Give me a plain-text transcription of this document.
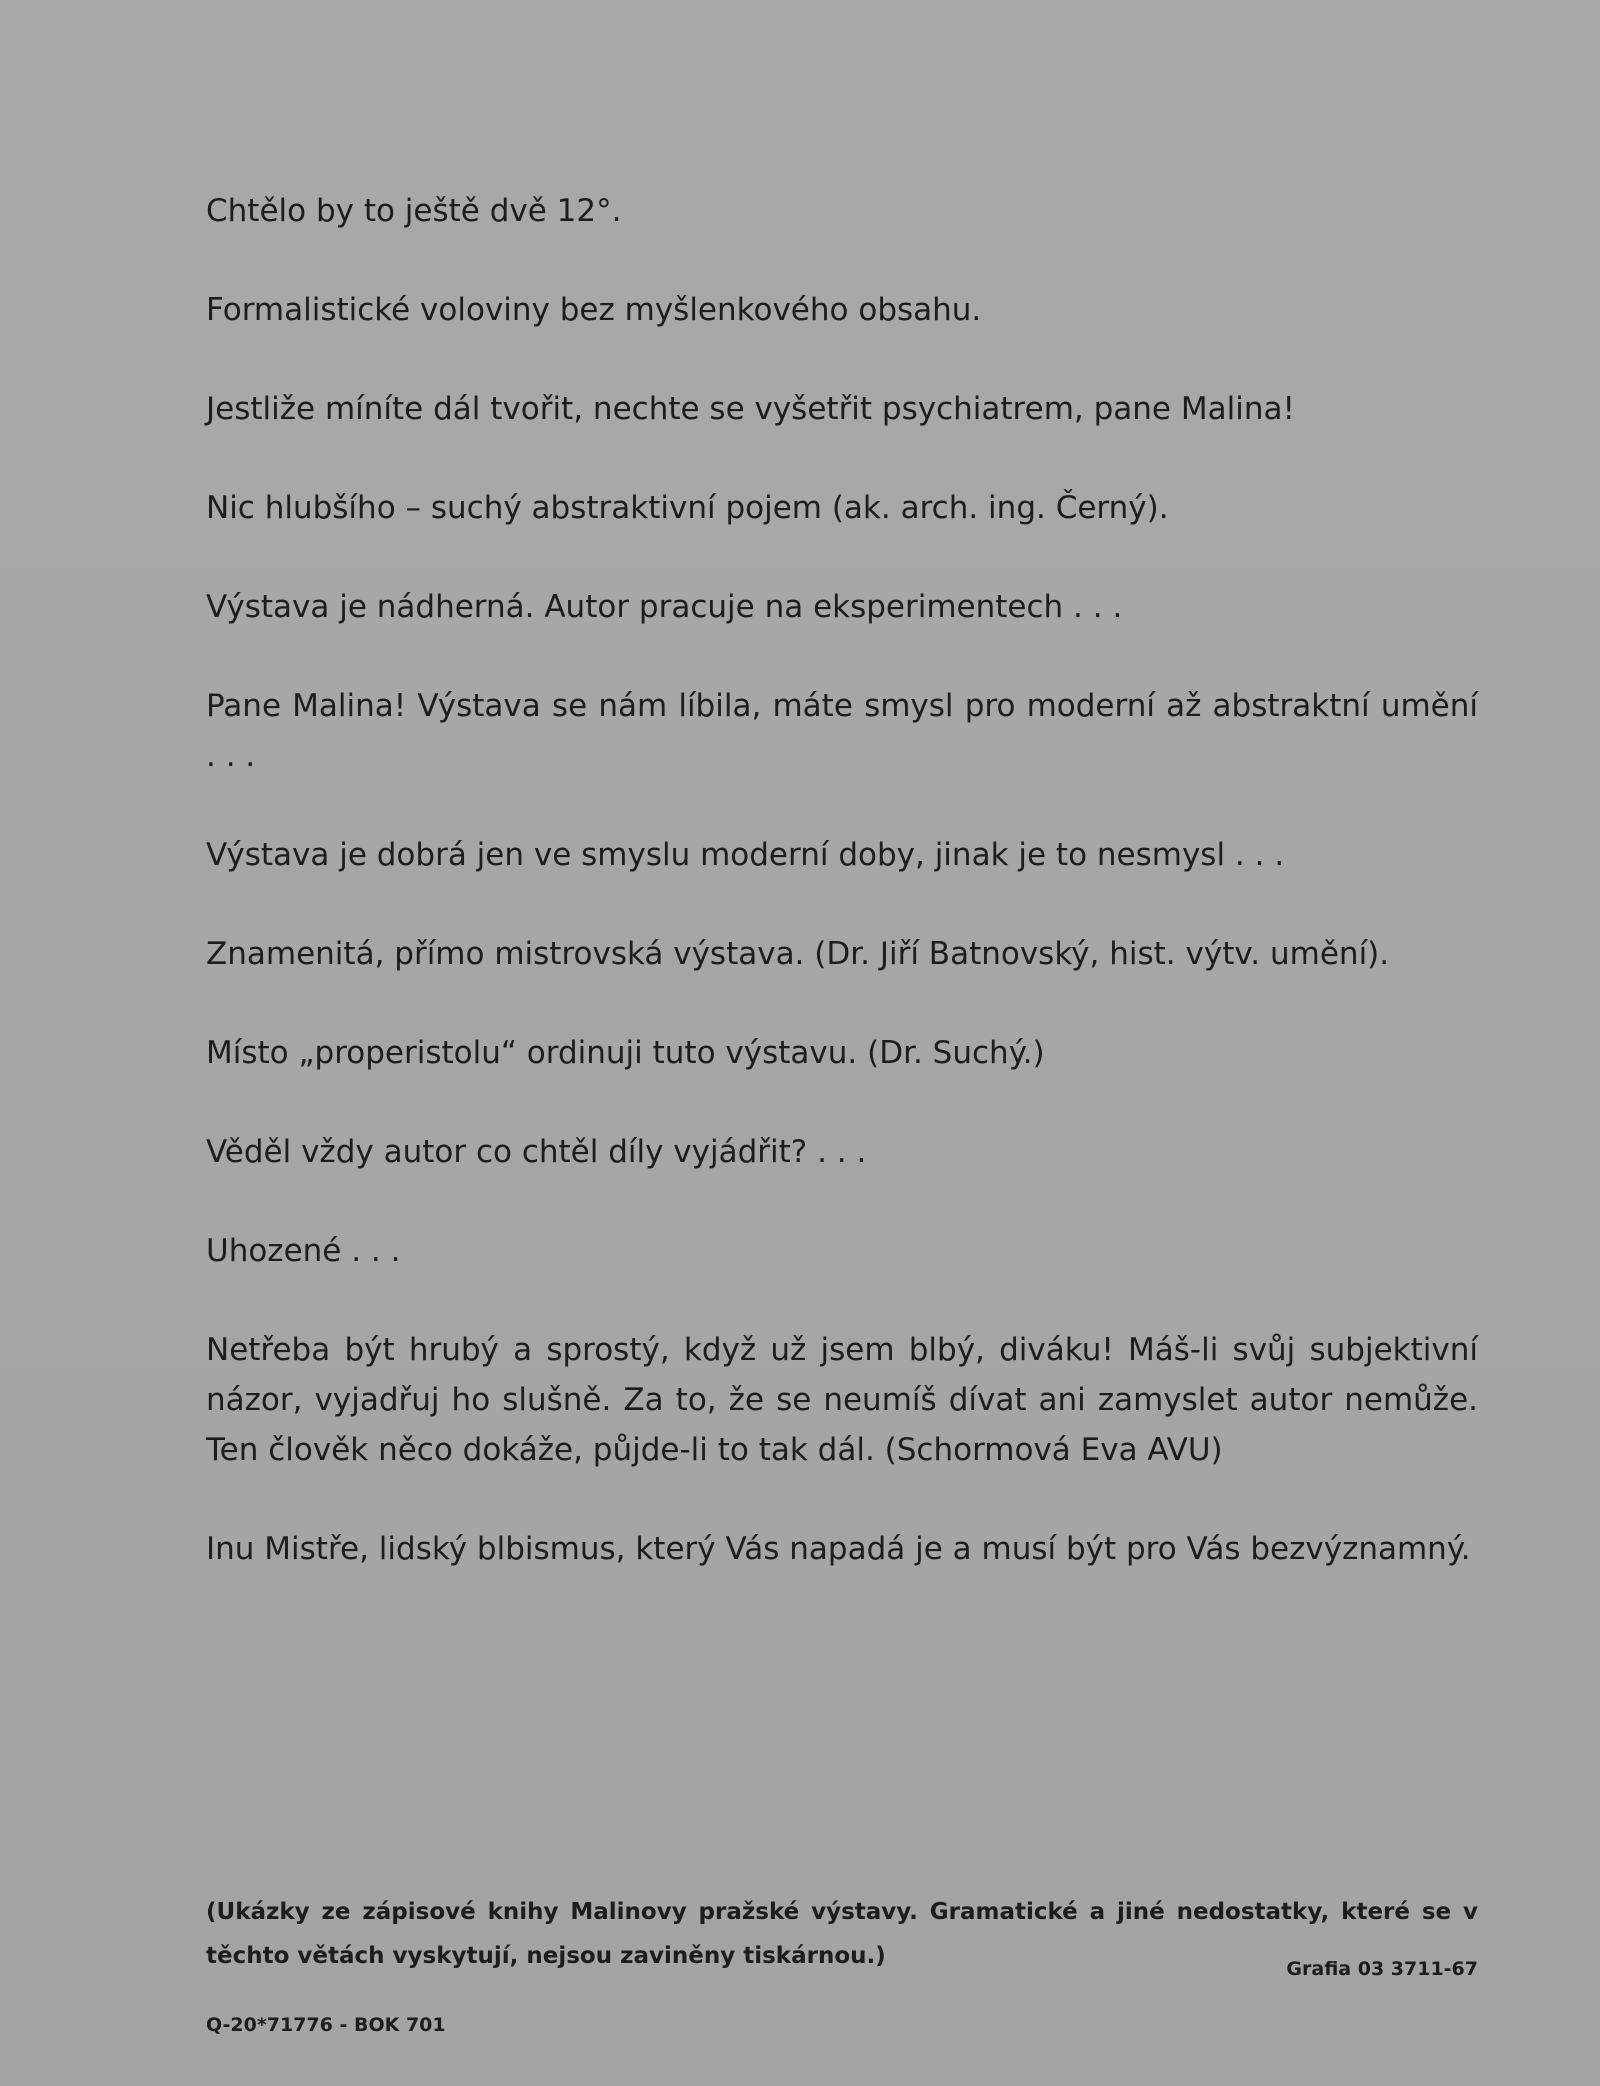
Chtělo by to ještě dvě 12°.

Formalistické voloviny bez myšlenkového obsahu.

Jestliže míníte dál tvořit, nechte se vyšetřit psychiatrem, pane Malina!

Nic hlubšího – suchý abstraktivní pojem (ak. arch. ing. Černý).

Výstava je nádherná. Autor pracuje na eksperimentech . . .

Pane Malina! Výstava se nám líbila, máte smysl pro moderní až abstraktní umění . . .

Výstava je dobrá jen ve smyslu moderní doby, jinak je to nesmysl . . .

Znamenitá, přímo mistrovská výstava. (Dr. Jiří Batnovský, hist. výtv. umění).

Místo „properistolu“ ordinuji tuto výstavu. (Dr. Suchý.)

Věděl vždy autor co chtěl díly vyjádřit? . . .

Uhozené . . .

Netřeba být hrubý a sprostý, když už jsem blbý, diváku! Máš-li svůj subjektivní názor, vyjadřuj ho slušně. Za to, že se neumíš dívat ani zamyslet autor nemůže. Ten člověk něco dokáže, půjde-li to tak dál. (Schormová Eva AVU)

Inu Mistře, lidský blbismus, který Vás napadá je a musí být pro Vás bezvýznamný.

(Ukázky ze zápisové knihy Malinovy pražské výstavy. Gramatické a jiné nedostatky, které se v těchto větách vyskytují, nejsou zaviněny tiskárnou.)	Grafia 03 3711-67
Q-20*71776 - BOK 701
